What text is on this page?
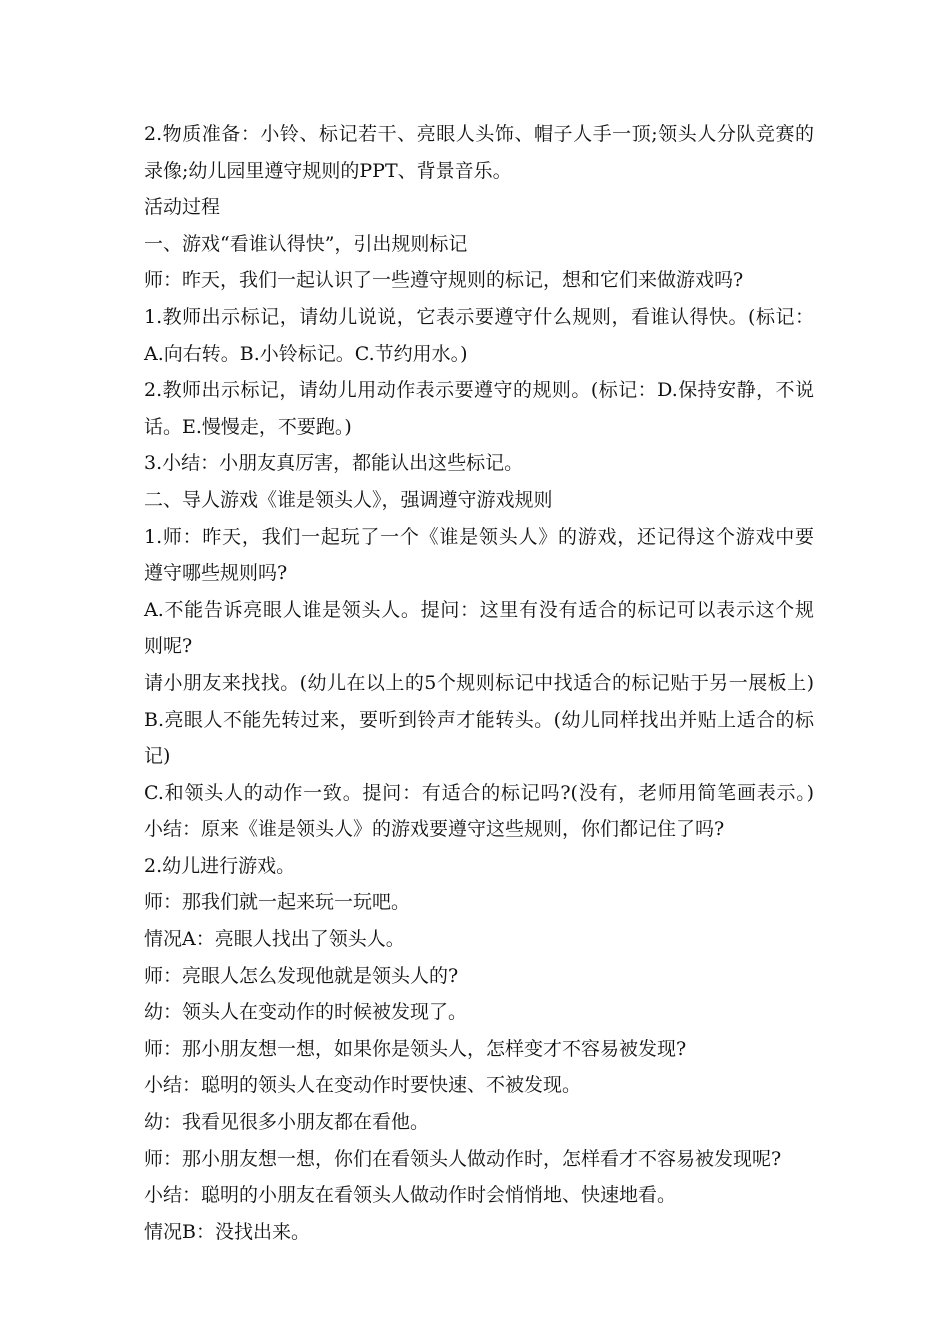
2.物质准备：小铃、标记若干、亮眼人头饰、帽子人手一顶;领头人分队竞赛的

录像;幼儿园里遵守规则的PPT、背景音乐。

活动过程

一、游戏“看谁认得快”，引出规则标记

师：昨天，我们一起认识了一些遵守规则的标记，想和它们来做游戏吗?

1.教师出示标记，请幼儿说说，它表示要遵守什么规则，看谁认得快。(标记：

A.向右转。B.小铃标记。C.节约用水。)

2.教师出示标记，请幼儿用动作表示要遵守的规则。(标记：D.保持安静，不说

话。E.慢慢走，不要跑。)

3.小结：小朋友真厉害，都能认出这些标记。

二、导人游戏《谁是领头人》，强调遵守游戏规则

1.师：昨天，我们一起玩了一个《谁是领头人》的游戏，还记得这个游戏中要

遵守哪些规则吗?

A.不能告诉亮眼人谁是领头人。提问：这里有没有适合的标记可以表示这个规

则呢?

请小朋友来找找。(幼儿在以上的5个规则标记中找适合的标记贴于另一展板上)

B.亮眼人不能先转过来，要听到铃声才能转头。(幼儿同样找出并贴上适合的标

记)

C.和领头人的动作一致。提问：有适合的标记吗?(没有，老师用简笔画表示。)

小结：原来《谁是领头人》的游戏要遵守这些规则，你们都记住了吗?

2.幼儿进行游戏。

师：那我们就一起来玩一玩吧。

情况A：亮眼人找出了领头人。

师：亮眼人怎么发现他就是领头人的?

幼：领头人在变动作的时候被发现了。

师：那小朋友想一想，如果你是领头人，怎样变才不容易被发现?

小结：聪明的领头人在变动作时要快速、不被发现。

幼：我看见很多小朋友都在看他。

师：那小朋友想一想，你们在看领头人做动作时，怎样看才不容易被发现呢?

小结：聪明的小朋友在看领头人做动作时会悄悄地、快速地看。

情况B：没找出来。
